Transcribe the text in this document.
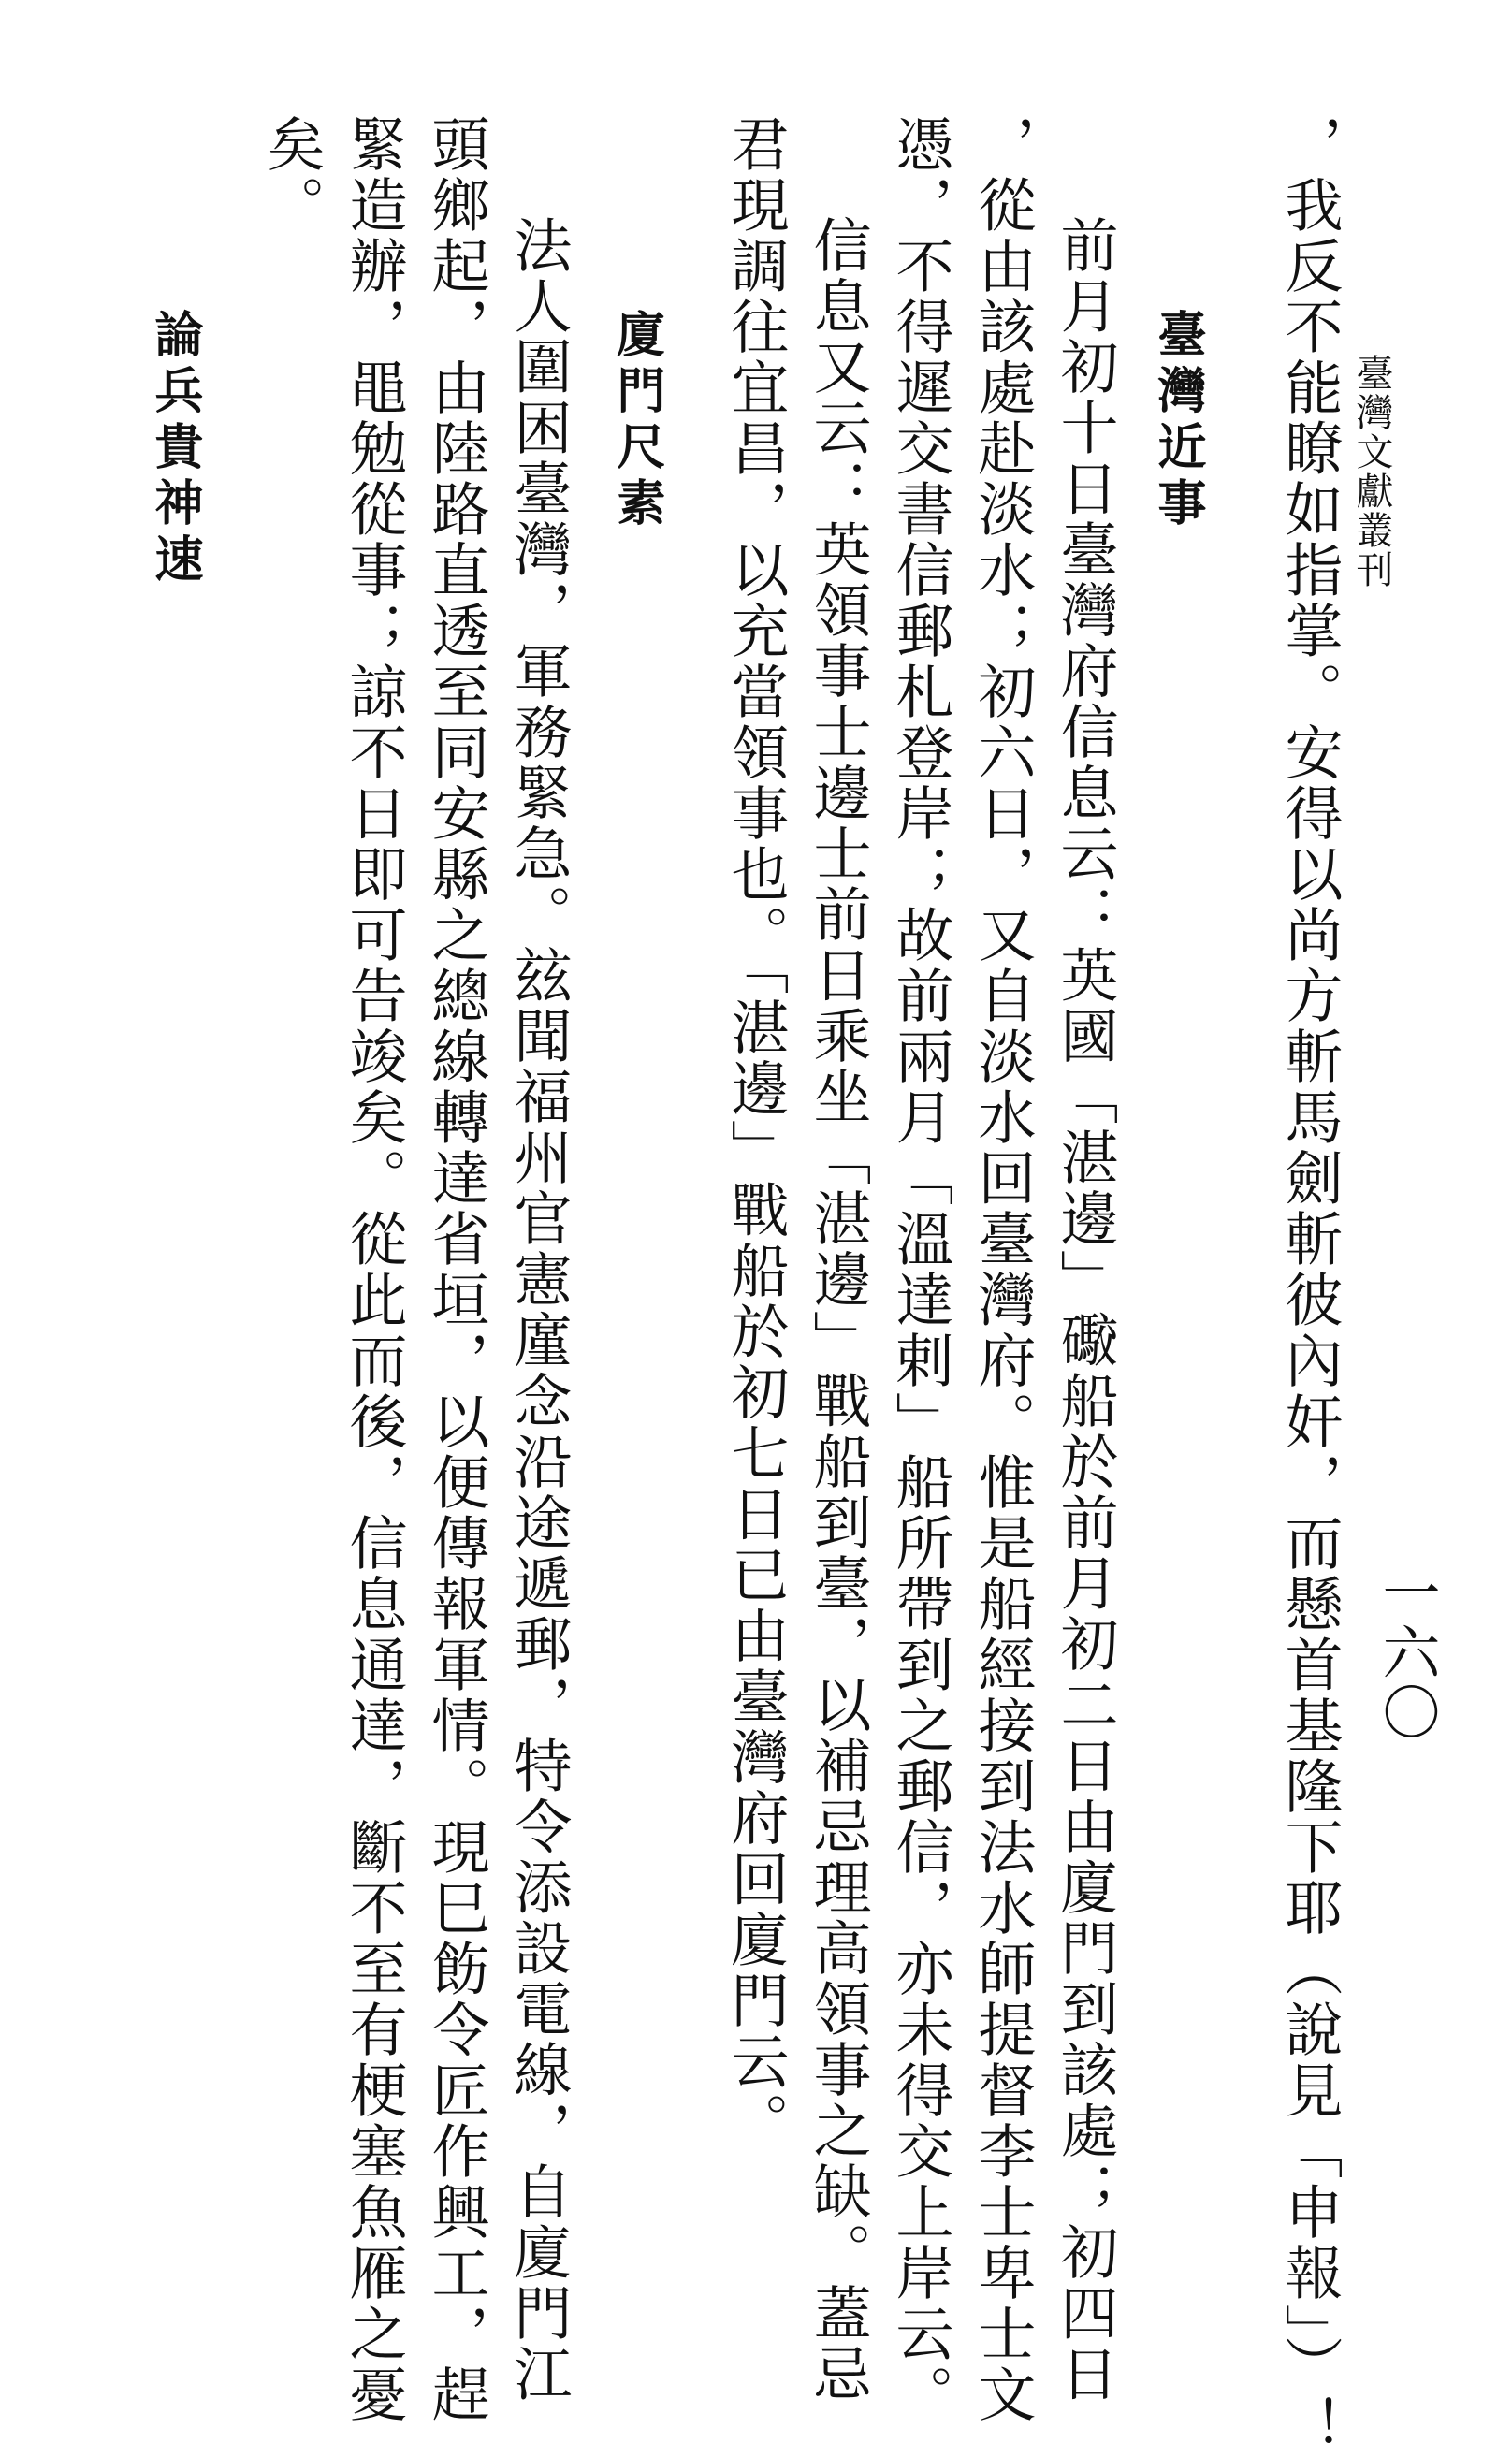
臺灣文獻叢刊
一六〇
，我反不能瞭如指掌。安得以尚方斬馬劍斬彼內奸，而懸首基隆下耶（說見「申報」）！
臺灣近事
前月初十日臺灣府信息云：英國「湛邊」礮船於前月初二日由廈門到該處；初四日
，從由該處赴淡水；初六日，又自淡水回臺灣府。惟是船經接到法水師提督李士卑士文
憑，不得遲交書信郵札登岸；故前兩月「溫達剌」船所帶到之郵信，亦未得交上岸云。
信息又云：英領事士邊士前日乘坐「湛邊」戰船到臺，以補忌理高領事之缺。蓋忌
君現調往宜昌，以充當領事也。「湛邊」戰船於初七日已由臺灣府回廈門云。
廈門尺素
法人圍困臺灣，軍務緊急。玆聞福州官憲廑念沿途遞郵，特令添設電線，自廈門江
頭鄉起，由陸路直透至同安縣之總線轉達省垣，以便傳報軍情。現巳飭令匠作興工，趕
緊造辦，黽勉從事；諒不日即可告竣矣。從此而後，信息通達，斷不至有梗塞魚雁之憂
矣。
論兵貴神速
